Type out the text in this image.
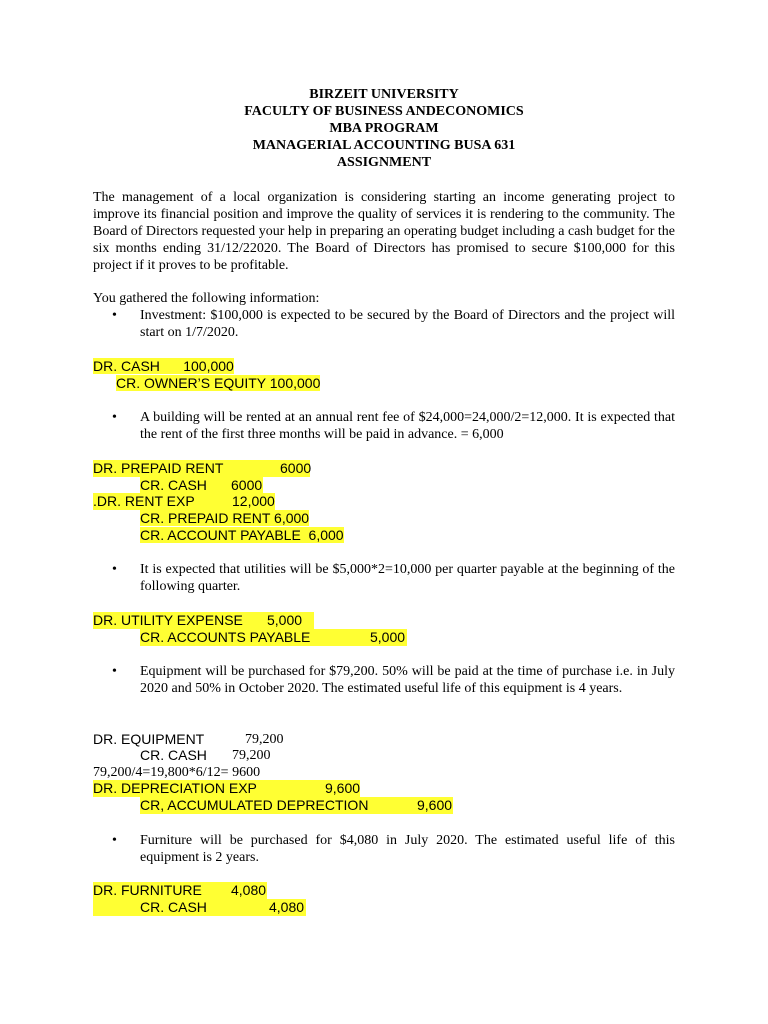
BIRZEIT UNIVERSITY
FACULTY OF BUSINESS ANDECONOMICS
MBA PROGRAM
MANAGERIAL ACCOUNTING BUSA 631
ASSIGNMENT
The management of a local organization is considering starting an income generating project to improve its financial position and improve the quality of services it is rendering to the community. The Board of Directors requested your help in preparing an operating budget including a cash budget for the six months ending 31/12/22020. The Board of Directors has promised to secure $100,000 for this project if it proves to be profitable.
You gathered the following information:
• Investment: $100,000 is expected to be secured by the Board of Directors and the project will start on 1/7/2020.
DR. CASH      100,000
CR. OWNER’S EQUITY 100,000
• A building will be rented at an annual rent fee of $24,000=24,000/2=12,000. It is expected that the rent of the first three months will be paid in advance. = 6,000
DR. PREPAID RENT	6000
CR. CASH 6000
.DR. RENT EXP	12,000
CR. PREPAID RENT 6,000
CR. ACCOUNT PAYABLE  6,000
• It is expected that utilities will be $5,000*2=10,000 per quarter payable at the beginning of the following quarter.
DR. UTILITY EXPENSE 5,000
CR. ACCOUNTS PAYABLE	5,000
• Equipment will be purchased for $79,200. 50% will be paid at the time of purchase i.e. in July 2020 and 50% in October 2020. The estimated useful life of this equipment is 4 years.
DR. EQUIPMENT	79,200
CR. CASH 79,200
79,200/4=19,800*6/12= 9600
DR. DEPRECIATION EXP	9,600
CR, ACCUMULATED DEPRECTION	9,600
• Furniture will be purchased for $4,080 in July 2020. The estimated useful life of this equipment is 2 years.
DR. FURNITURE 4,080
CR. CASH	4,080
